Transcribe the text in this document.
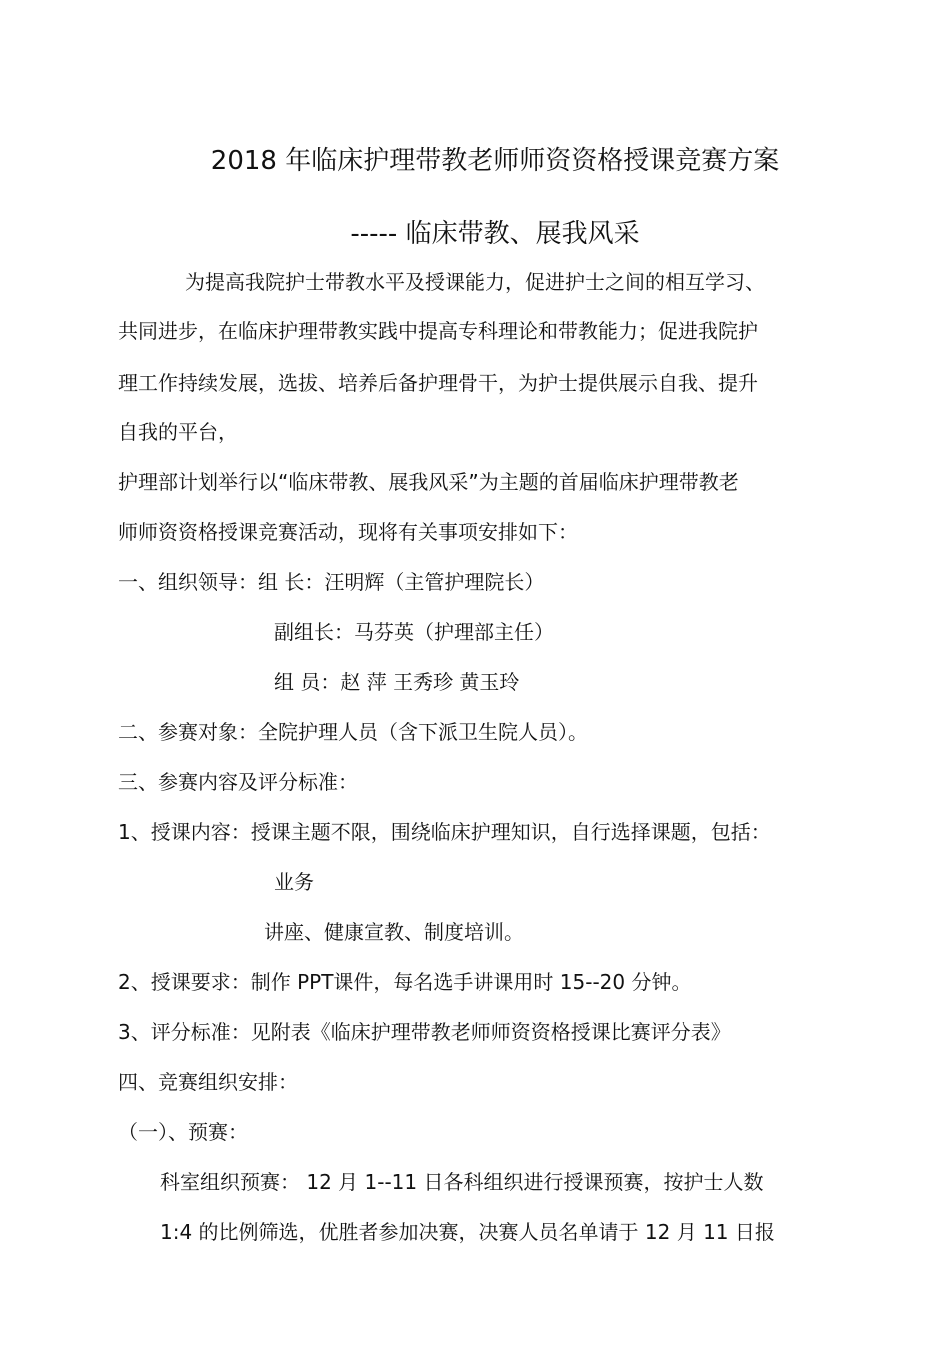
2018 年临床护理带教老师师资资格授课竞赛方案
----- 临床带教、展我风采
为提高我院护士带教水平及授课能力，促进护士之间的相互学习、
共同进步，在临床护理带教实践中提高专科理论和带教能力；促进我院护
理工作持续发展，选拔、培养后备护理骨干，为护士提供展示自我、提升
自我的平台，
护理部计划举行以“临床带教、展我风采”为主题的首届临床护理带教老
师师资资格授课竞赛活动，现将有关事项安排如下：
一、组织领导：组 长：汪明辉（主管护理院长）
副组长：马芬英（护理部主任）
组 员：赵 萍 王秀珍 黄玉玲
二、参赛对象：全院护理人员（含下派卫生院人员）。
三、参赛内容及评分标准：
1、授课内容：授课主题不限，围绕临床护理知识，自行选择课题，包括：
业务
讲座、健康宣教、制度培训。
2、授课要求：制作 PPT课件，每名选手讲课用时 15--20 分钟。
3、评分标准：见附表《临床护理带教老师师资资格授课比赛评分表》
四、竞赛组织安排：
（一）、预赛：
科室组织预赛： 12 月 1--11 日各科组织进行授课预赛，按护士人数
1:4 的比例筛选，优胜者参加决赛，决赛人员名单请于 12 月 11 日报
